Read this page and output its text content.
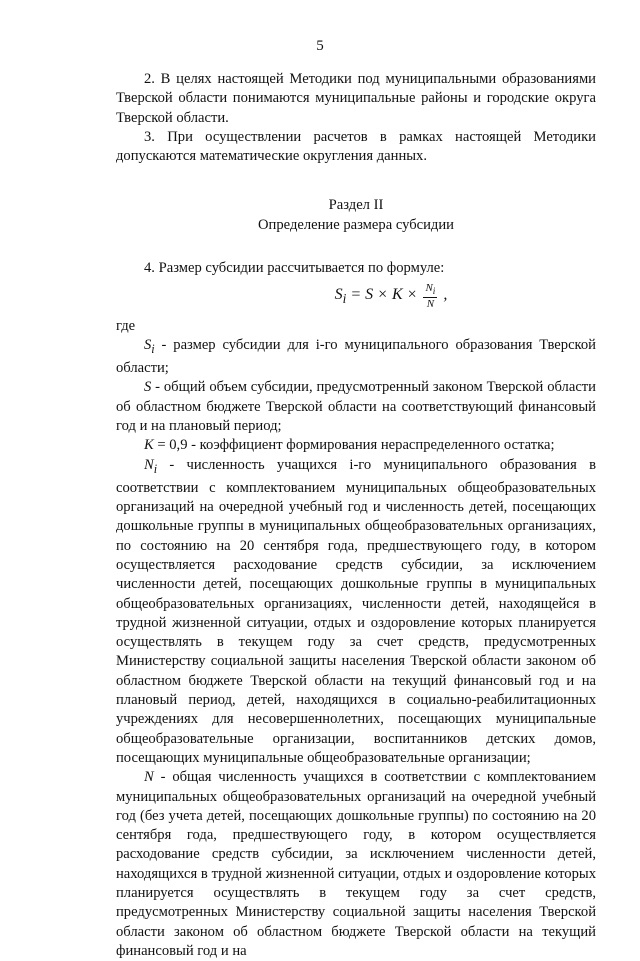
5

2. В целях настоящей Методики под муниципальными образованиями Тверской области понимаются муниципальные районы и городские округа Тверской области.

3. При осуществлении расчетов в рамках настоящей Методики допускаются математические округления данных.

Раздел II

Определение размера субсидии

4. Размер субсидии рассчитывается по формуле:

$S_i = S \times K \times \frac{N_i}{N}$ ,

где

$S_i$ - размер субсидии для i-го муниципального образования Тверской области;

S - общий объем субсидии, предусмотренный законом Тверской области об областном бюджете Тверской области на соответствующий финансовый год и на плановый период;

K = 0,9 - коэффициент формирования нераспределенного остатка;

$N_i$ - численность учащихся i-го муниципального образования в соответствии с комплектованием муниципальных общеобразовательных организаций на очередной учебный год и численность детей, посещающих дошкольные группы в муниципальных общеобразовательных организациях, по состоянию на 20 сентября года, предшествующего году, в котором осуществляется расходование средств субсидии, за исключением численности детей, посещающих дошкольные группы в муниципальных общеобразовательных организациях, численности детей, находящейся в трудной жизненной ситуации, отдых и оздоровление которых планируется осуществлять в текущем году за счет средств, предусмотренных Министерству социальной защиты населения Тверской области законом об областном бюджете Тверской области на текущий финансовый год и на плановый период, детей, находящихся в социально-реабилитационных учреждениях для несовершеннолетних, посещающих муниципальные общеобразовательные организации, воспитанников детских домов, посещающих муниципальные общеобразовательные организации;

N - общая численность учащихся в соответствии с комплектованием муниципальных общеобразовательных организаций на очередной учебный год (без учета детей, посещающих дошкольные группы) по состоянию на 20 сентября года, предшествующего году, в котором осуществляется расходование средств субсидии, за исключением численности детей, находящихся в трудной жизненной ситуации, отдых и оздоровление которых планируется осуществлять в текущем году за счет средств, предусмотренных Министерству социальной защиты населения Тверской области законом об областном бюджете Тверской области на текущий финансовый год и на
